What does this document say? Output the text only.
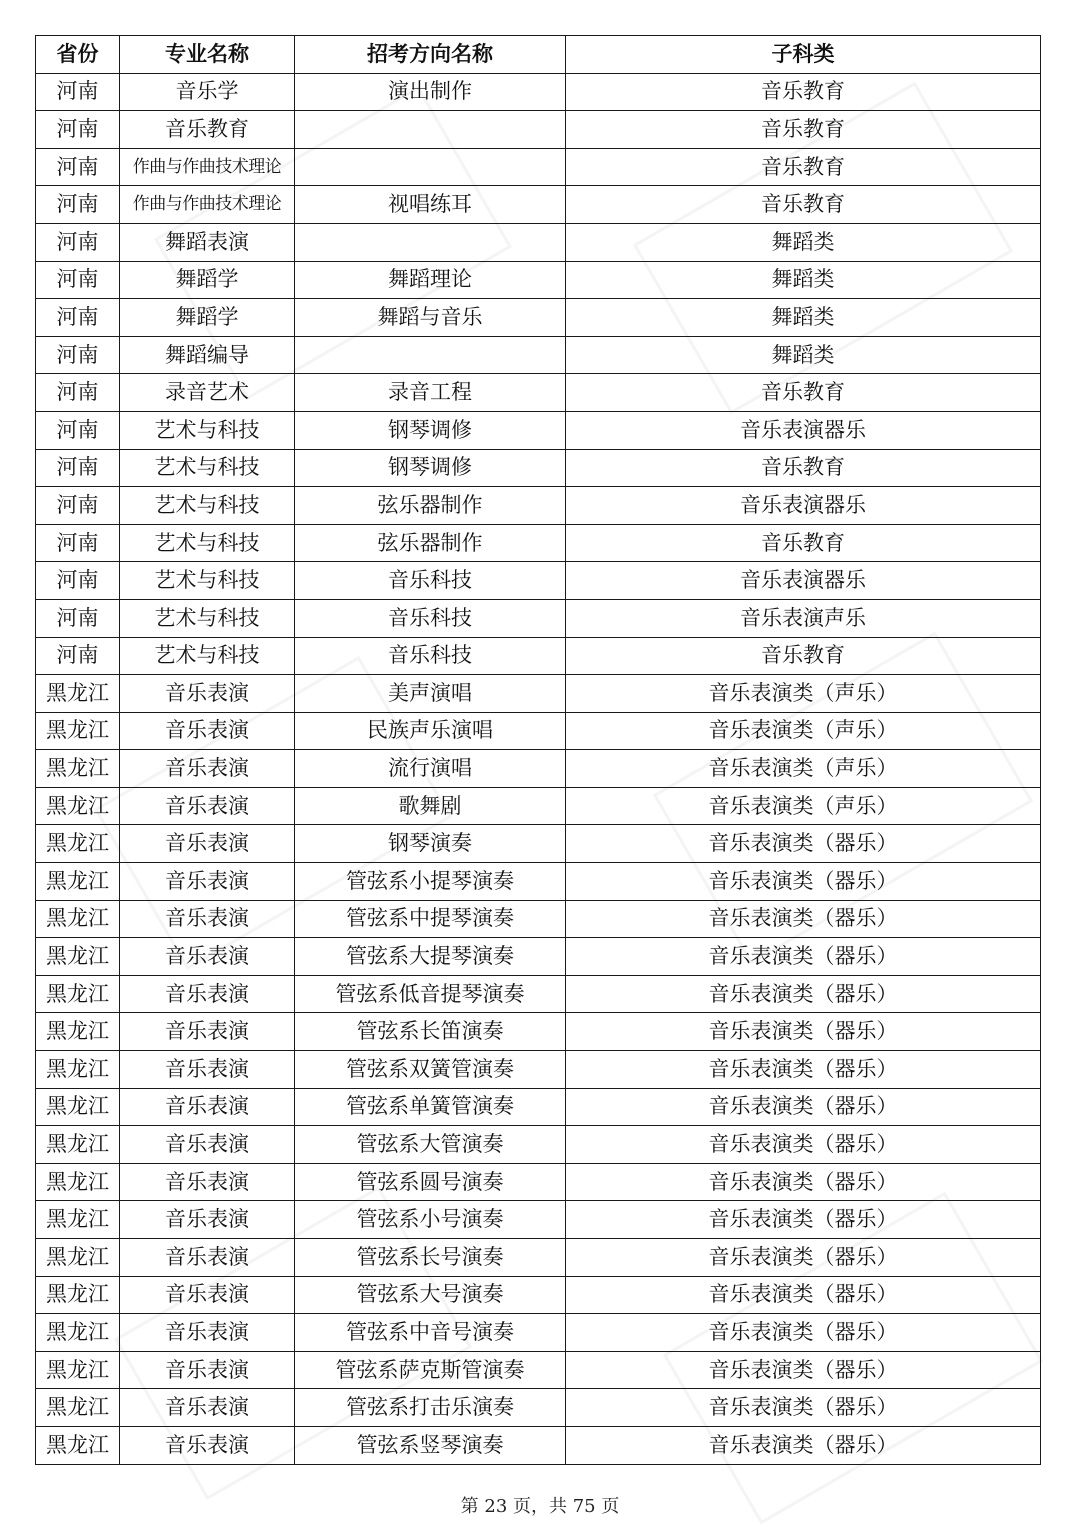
省份	专业名称	招考方向名称	子科类
河南	音乐学	演出制作	音乐教育
河南	音乐教育		音乐教育
河南	作曲与作曲技术理论		音乐教育
河南	作曲与作曲技术理论	视唱练耳	音乐教育
河南	舞蹈表演		舞蹈类
河南	舞蹈学	舞蹈理论	舞蹈类
河南	舞蹈学	舞蹈与音乐	舞蹈类
河南	舞蹈编导		舞蹈类
河南	录音艺术	录音工程	音乐教育
河南	艺术与科技	钢琴调修	音乐表演器乐
河南	艺术与科技	钢琴调修	音乐教育
河南	艺术与科技	弦乐器制作	音乐表演器乐
河南	艺术与科技	弦乐器制作	音乐教育
河南	艺术与科技	音乐科技	音乐表演器乐
河南	艺术与科技	音乐科技	音乐表演声乐
河南	艺术与科技	音乐科技	音乐教育
黑龙江	音乐表演	美声演唱	音乐表演类（声乐）
黑龙江	音乐表演	民族声乐演唱	音乐表演类（声乐）
黑龙江	音乐表演	流行演唱	音乐表演类（声乐）
黑龙江	音乐表演	歌舞剧	音乐表演类（声乐）
黑龙江	音乐表演	钢琴演奏	音乐表演类（器乐）
黑龙江	音乐表演	管弦系小提琴演奏	音乐表演类（器乐）
黑龙江	音乐表演	管弦系中提琴演奏	音乐表演类（器乐）
黑龙江	音乐表演	管弦系大提琴演奏	音乐表演类（器乐）
黑龙江	音乐表演	管弦系低音提琴演奏	音乐表演类（器乐）
黑龙江	音乐表演	管弦系长笛演奏	音乐表演类（器乐）
黑龙江	音乐表演	管弦系双簧管演奏	音乐表演类（器乐）
黑龙江	音乐表演	管弦系单簧管演奏	音乐表演类（器乐）
黑龙江	音乐表演	管弦系大管演奏	音乐表演类（器乐）
黑龙江	音乐表演	管弦系圆号演奏	音乐表演类（器乐）
黑龙江	音乐表演	管弦系小号演奏	音乐表演类（器乐）
黑龙江	音乐表演	管弦系长号演奏	音乐表演类（器乐）
黑龙江	音乐表演	管弦系大号演奏	音乐表演类（器乐）
黑龙江	音乐表演	管弦系中音号演奏	音乐表演类（器乐）
黑龙江	音乐表演	管弦系萨克斯管演奏	音乐表演类（器乐）
黑龙江	音乐表演	管弦系打击乐演奏	音乐表演类（器乐）
黑龙江	音乐表演	管弦系竖琴演奏	音乐表演类（器乐）
第 23 页，共 75 页
